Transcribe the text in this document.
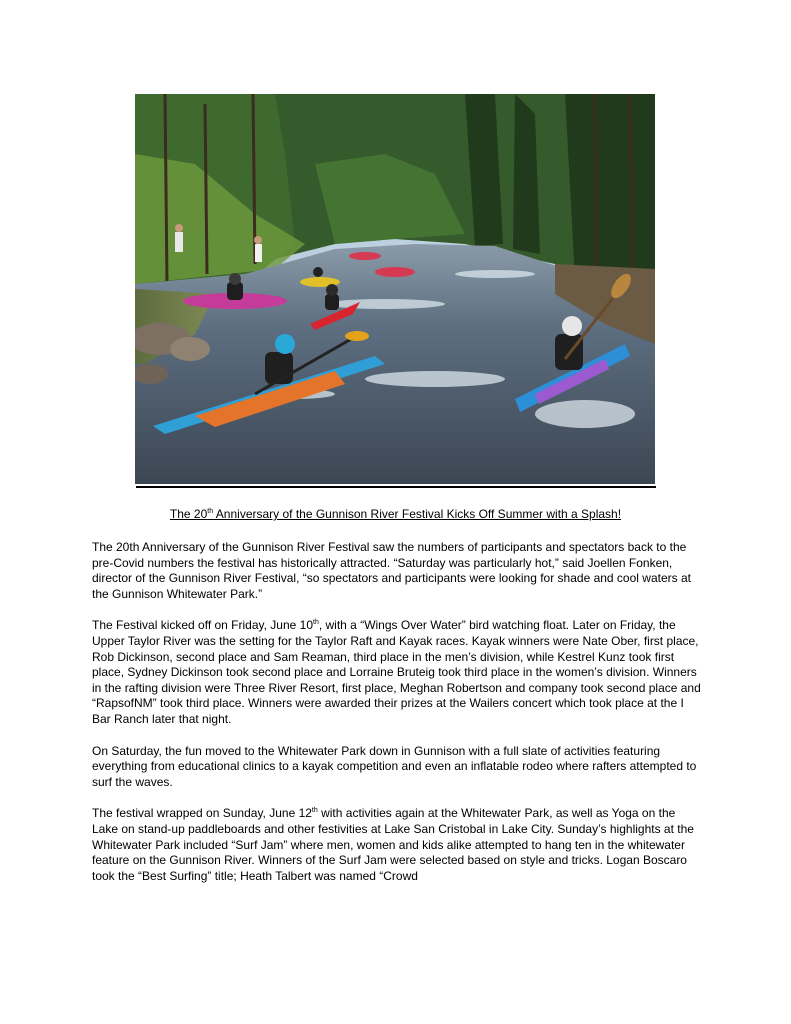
The 20th Anniversary of the Gunnison River Festival Kicks Off Summer with a Splash!

The 20th Anniversary of the Gunnison River Festival saw the numbers of participants and spectators back to the pre-Covid numbers the festival has historically attracted. “Saturday was particularly hot,” said Joellen Fonken, director of the Gunnison River Festival, “so spectators and participants were looking for shade and cool waters at the Gunnison Whitewater Park.”

The Festival kicked off on Friday, June 10th, with a “Wings Over Water” bird watching float. Later on Friday, the Upper Taylor River was the setting for the Taylor Raft and Kayak races. Kayak winners were Nate Ober, first place, Rob Dickinson, second place and Sam Reaman, third place in the men’s division, while Kestrel Kunz took first place, Sydney Dickinson took second place and Lorraine Bruteig took third place in the women’s division. Winners in the rafting division were Three River Resort, first place, Meghan Robertson and company took second place and “RapsofNM” took third place. Winners were awarded their prizes at the Wailers concert which took place at the I Bar Ranch later that night.

On Saturday, the fun moved to the Whitewater Park down in Gunnison with a full slate of activities featuring everything from educational clinics to a kayak competition and even an inflatable rodeo where rafters attempted to surf the waves.

The festival wrapped on Sunday, June 12th with activities again at the Whitewater Park, as well as Yoga on the Lake on stand-up paddleboards and other festivities at Lake San Cristobal in Lake City. Sunday’s highlights at the Whitewater Park included “Surf Jam” where men, women and kids alike attempted to hang ten in the whitewater feature on the Gunnison River. Winners of the Surf Jam were selected based on style and tricks. Logan Boscaro took the “Best Surfing” title; Heath Talbert was named “Crowd
